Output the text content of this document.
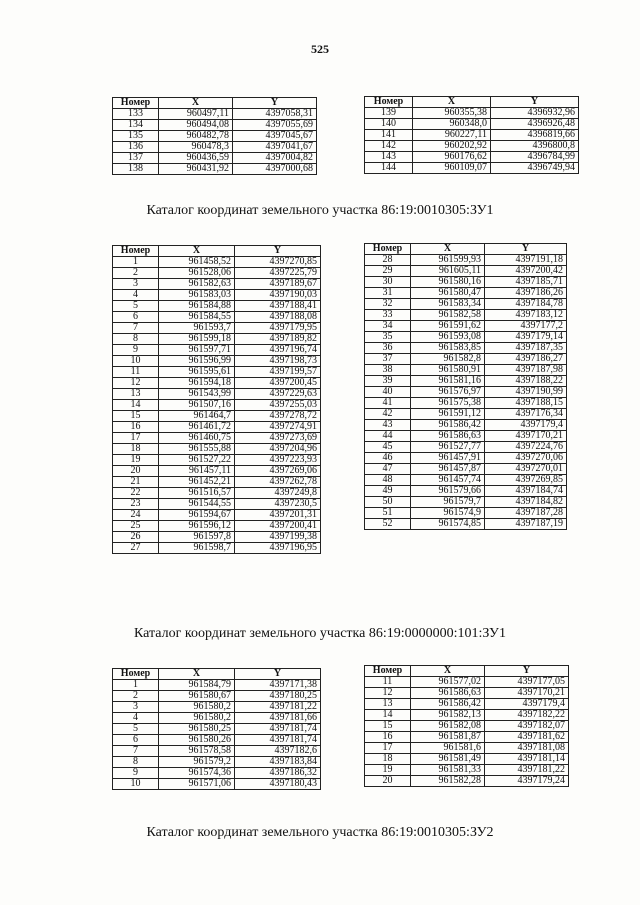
525
Номер	X	Y
133	960497,11	4397058,31
134	960494,08	4397055,69
135	960482,78	4397045,67
136	960478,3	4397041,67
137	960436,59	4397004,82
138	960431,92	4397000,68
Номер	X	Y
139	960355,38	4396932,96
140	960348,0	4396926,48
141	960227,11	4396819,66
142	960202,92	4396800,8
143	960176,62	4396784,99
144	960109,07	4396749,94
Каталог координат земельного участка 86:19:0010305:ЗУ1
Номер	X	Y
1	961458,52	4397270,85
2	961528,06	4397225,79
3	961582,63	4397189,67
4	961583,03	4397190,03
5	961584,88	4397188,41
6	961584,55	4397188,08
7	961593,7	4397179,95
8	961599,18	4397189,82
9	961597,71	4397196,74
10	961596,99	4397198,73
11	961595,61	4397199,57
12	961594,18	4397200,45
13	961543,99	4397229,63
14	961507,16	4397255,03
15	961464,7	4397278,72
16	961461,72	4397274,91
17	961460,75	4397273,69
18	961555,88	4397204,96
19	961527,22	4397223,93
20	961457,11	4397269,06
21	961452,21	4397262,78
22	961516,57	4397249,8
23	961544,55	4397230,5
24	961594,67	4397201,31
25	961596,12	4397200,41
26	961597,8	4397199,38
27	961598,7	4397196,95
Номер	X	Y
28	961599,93	4397191,18
29	961605,11	4397200,42
30	961580,16	4397185,71
31	961580,47	4397186,26
32	961583,34	4397184,78
33	961582,58	4397183,12
34	961591,62	4397177,2
35	961593,08	4397179,14
36	961583,85	4397187,35
37	961582,8	4397186,27
38	961580,91	4397187,98
39	961581,16	4397188,22
40	961576,97	4397190,99
41	961575,38	4397188,15
42	961591,12	4397176,34
43	961586,42	4397179,4
44	961586,63	4397170,21
45	961527,77	4397224,76
46	961457,91	4397270,06
47	961457,87	4397270,01
48	961457,74	4397269,85
49	961579,66	4397184,74
50	961579,7	4397184,82
51	961574,9	4397187,28
52	961574,85	4397187,19
Каталог координат земельного участка 86:19:0000000:101:ЗУ1
Номер	X	Y
1	961584,79	4397171,38
2	961580,67	4397180,25
3	961580,2	4397181,22
4	961580,2	4397181,66
5	961580,25	4397181,74
6	961580,26	4397181,74
7	961578,58	4397182,6
8	961579,2	4397183,84
9	961574,36	4397186,32
10	961571,06	4397180,43
Номер	X	Y
11	961577,02	4397177,05
12	961586,63	4397170,21
13	961586,42	4397179,4
14	961582,13	4397182,22
15	961582,08	4397182,07
16	961581,87	4397181,62
17	961581,6	4397181,08
18	961581,49	4397181,14
19	961581,33	4397181,22
20	961582,28	4397179,24
Каталог координат земельного участка 86:19:0010305:ЗУ2
